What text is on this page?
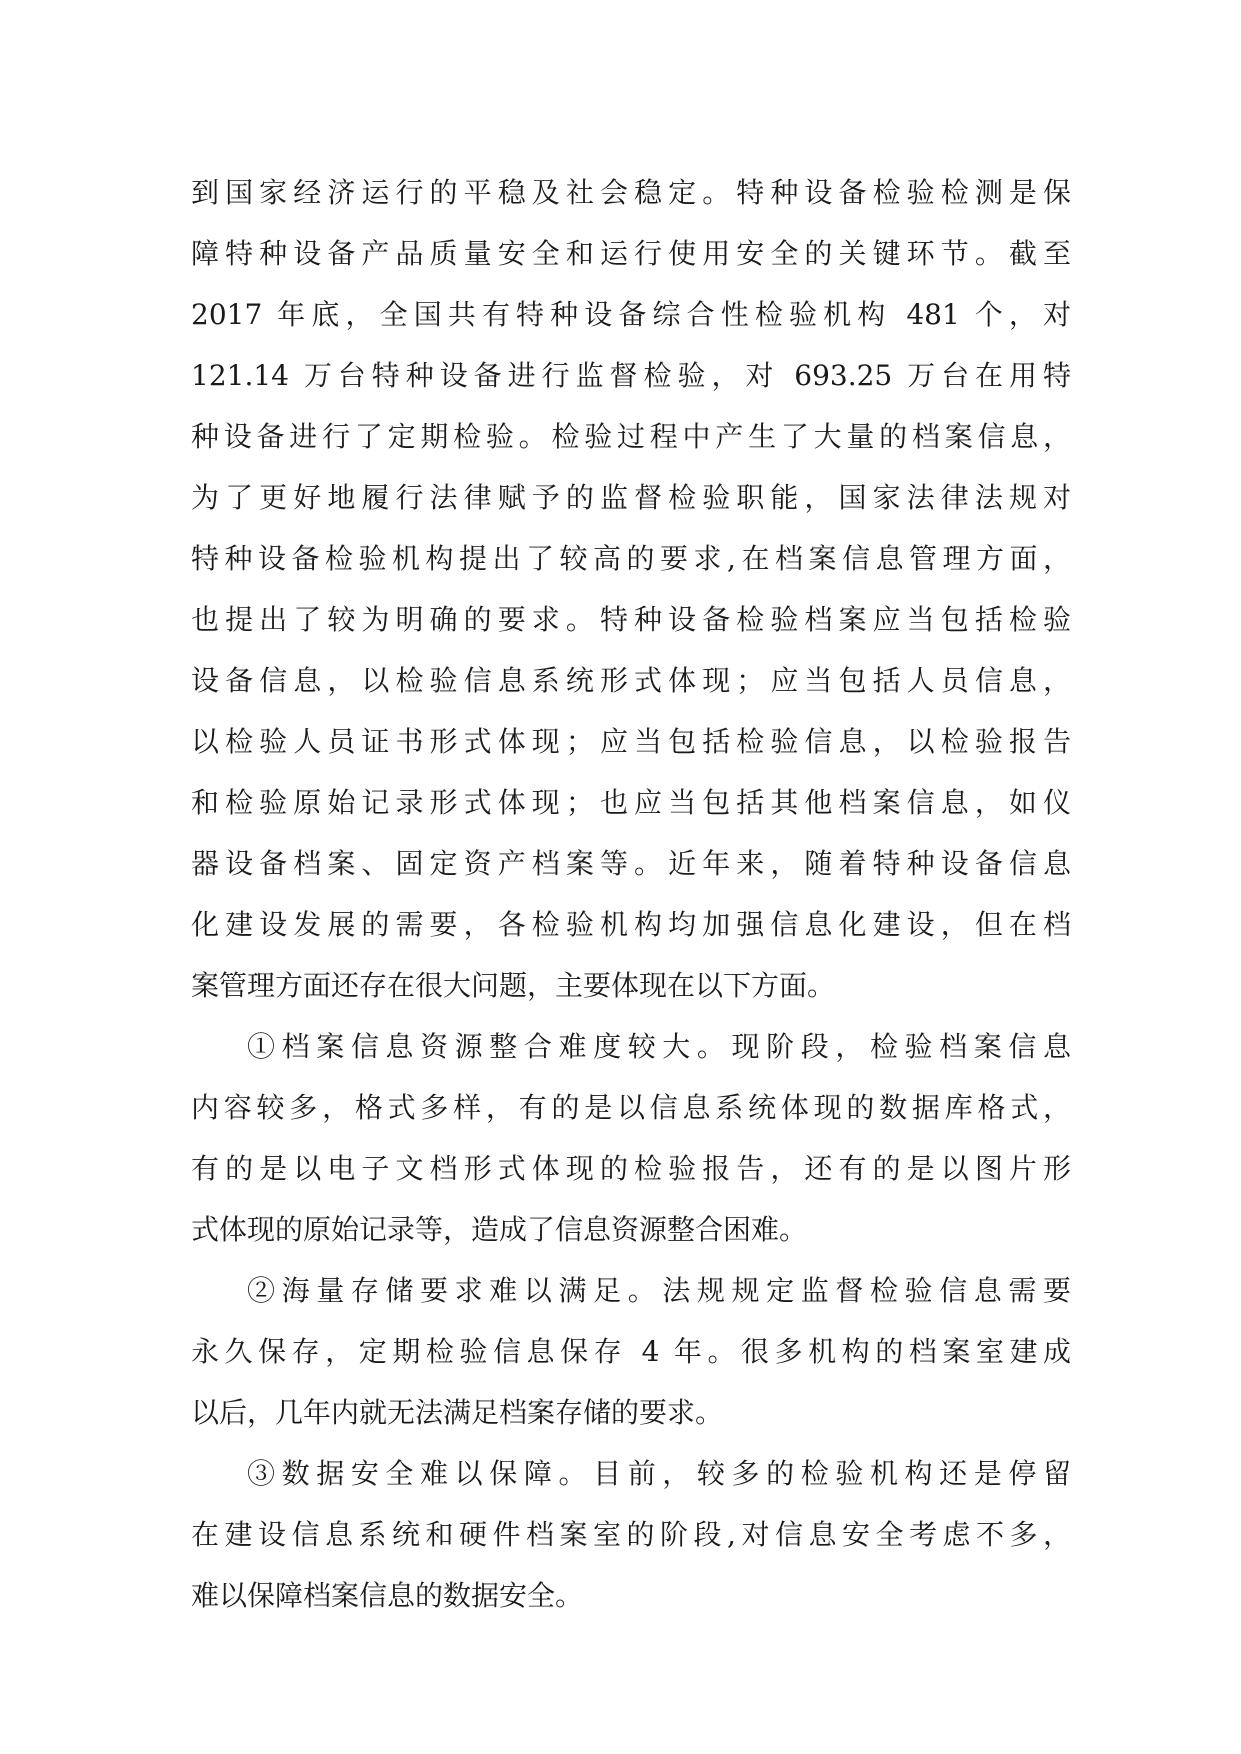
到国家经济运行的平稳及社会稳定。特种设备检验检测是保
障特种设备产品质量安全和运行使用安全的关键环节。截至
2017 年底，全国共有特种设备综合性检验机构 481 个，对
121.14 万台特种设备进行监督检验，对 693.25 万台在用特
种设备进行了定期检验。检验过程中产生了大量的档案信息，
为了更好地履行法律赋予的监督检验职能，国家法律法规对
特种设备检验机构提出了较高的要求,在档案信息管理方面，
也提出了较为明确的要求。特种设备检验档案应当包括检验
设备信息，以检验信息系统形式体现；应当包括人员信息，
以检验人员证书形式体现；应当包括检验信息，以检验报告
和检验原始记录形式体现；也应当包括其他档案信息，如仪
器设备档案、固定资产档案等。近年来，随着特种设备信息
化建设发展的需要，各检验机构均加强信息化建设，但在档
案管理方面还存在很大问题，主要体现在以下方面。
①档案信息资源整合难度较大。现阶段，检验档案信息
内容较多，格式多样，有的是以信息系统体现的数据库格式，
有的是以电子文档形式体现的检验报告，还有的是以图片形
式体现的原始记录等，造成了信息资源整合困难。
②海量存储要求难以满足。法规规定监督检验信息需要
永久保存，定期检验信息保存 4 年。很多机构的档案室建成
以后，几年内就无法满足档案存储的要求。
③数据安全难以保障。目前，较多的检验机构还是停留
在建设信息系统和硬件档案室的阶段,对信息安全考虑不多，
难以保障档案信息的数据安全。
